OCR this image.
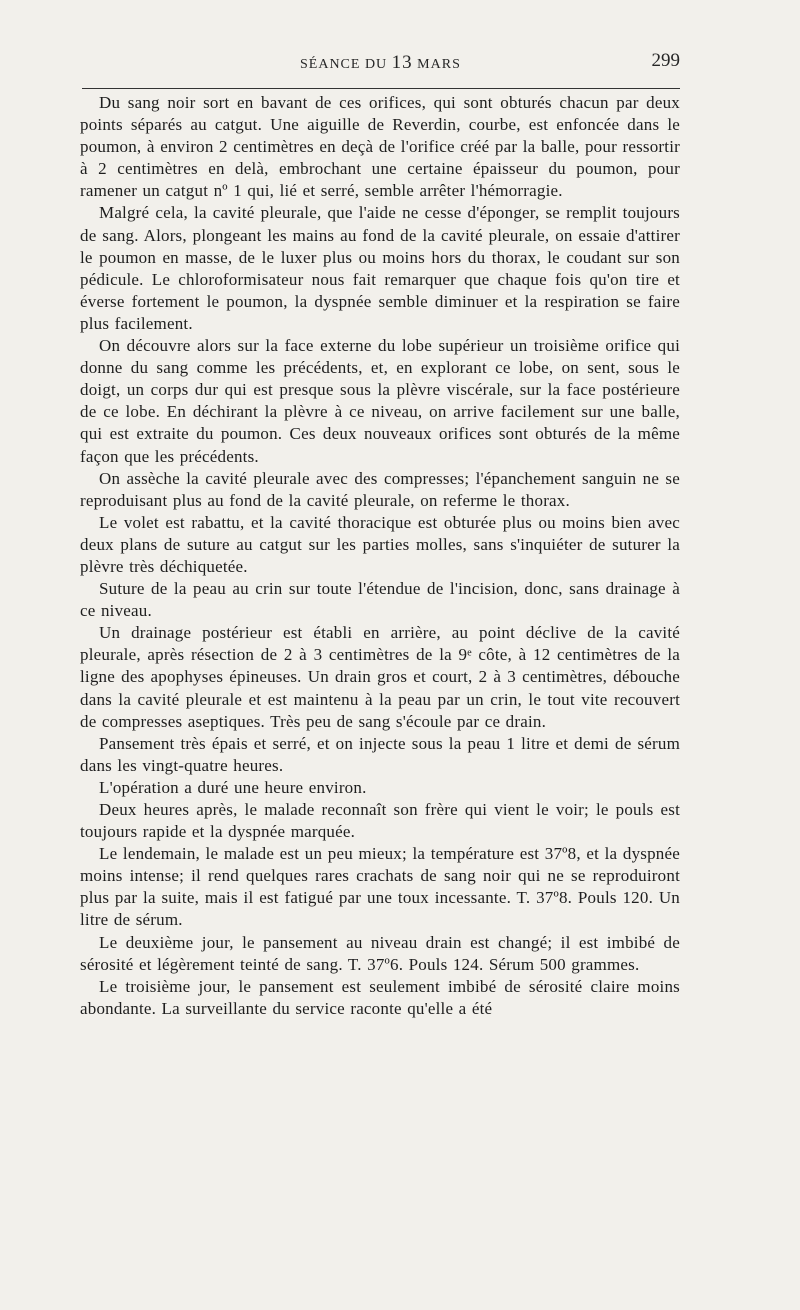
SÉANCE DU 13 MARS	299

Du sang noir sort en bavant de ces orifices, qui sont obturés chacun par deux points séparés au catgut. Une aiguille de Reverdin, courbe, est enfoncée dans le poumon, à environ 2 centimètres en deçà de l'orifice créé par la balle, pour ressortir à 2 centimètres en delà, embrochant une certaine épaisseur du poumon, pour ramener un catgut nº 1 qui, lié et serré, semble arrêter l'hémorragie.

Malgré cela, la cavité pleurale, que l'aide ne cesse d'éponger, se remplit toujours de sang. Alors, plongeant les mains au fond de la cavité pleurale, on essaie d'attirer le poumon en masse, de le luxer plus ou moins hors du thorax, le coudant sur son pédicule. Le chloroformisateur nous fait remarquer que chaque fois qu'on tire et éverse fortement le poumon, la dyspnée semble diminuer et la respiration se faire plus facilement.

On découvre alors sur la face externe du lobe supérieur un troisième orifice qui donne du sang comme les précédents, et, en explorant ce lobe, on sent, sous le doigt, un corps dur qui est presque sous la plèvre viscérale, sur la face postérieure de ce lobe. En déchirant la plèvre à ce niveau, on arrive facilement sur une balle, qui est extraite du poumon. Ces deux nouveaux orifices sont obturés de la même façon que les précédents.

On assèche la cavité pleurale avec des compresses; l'épanchement sanguin ne se reproduisant plus au fond de la cavité pleurale, on referme le thorax.

Le volet est rabattu, et la cavité thoracique est obturée plus ou moins bien avec deux plans de suture au catgut sur les parties molles, sans s'inquiéter de suturer la plèvre très déchiquetée.

Suture de la peau au crin sur toute l'étendue de l'incision, donc, sans drainage à ce niveau.

Un drainage postérieur est établi en arrière, au point déclive de la cavité pleurale, après résection de 2 à 3 centimètres de la 9ᵉ côte, à 12 centimètres de la ligne des apophyses épineuses. Un drain gros et court, 2 à 3 centimètres, débouche dans la cavité pleurale et est maintenu à la peau par un crin, le tout vite recouvert de compresses aseptiques. Très peu de sang s'écoule par ce drain.

Pansement très épais et serré, et on injecte sous la peau 1 litre et demi de sérum dans les vingt-quatre heures.

L'opération a duré une heure environ.

Deux heures après, le malade reconnaît son frère qui vient le voir; le pouls est toujours rapide et la dyspnée marquée.

Le lendemain, le malade est un peu mieux; la température est 37º8, et la dyspnée moins intense; il rend quelques rares crachats de sang noir qui ne se reproduiront plus par la suite, mais il est fatigué par une toux incessante. T. 37º8. Pouls 120. Un litre de sérum.

Le deuxième jour, le pansement au niveau drain est changé; il est imbibé de sérosité et légèrement teinté de sang. T. 37º6. Pouls 124. Sérum 500 grammes.

Le troisième jour, le pansement est seulement imbibé de sérosité claire moins abondante. La surveillante du service raconte qu'elle a été
